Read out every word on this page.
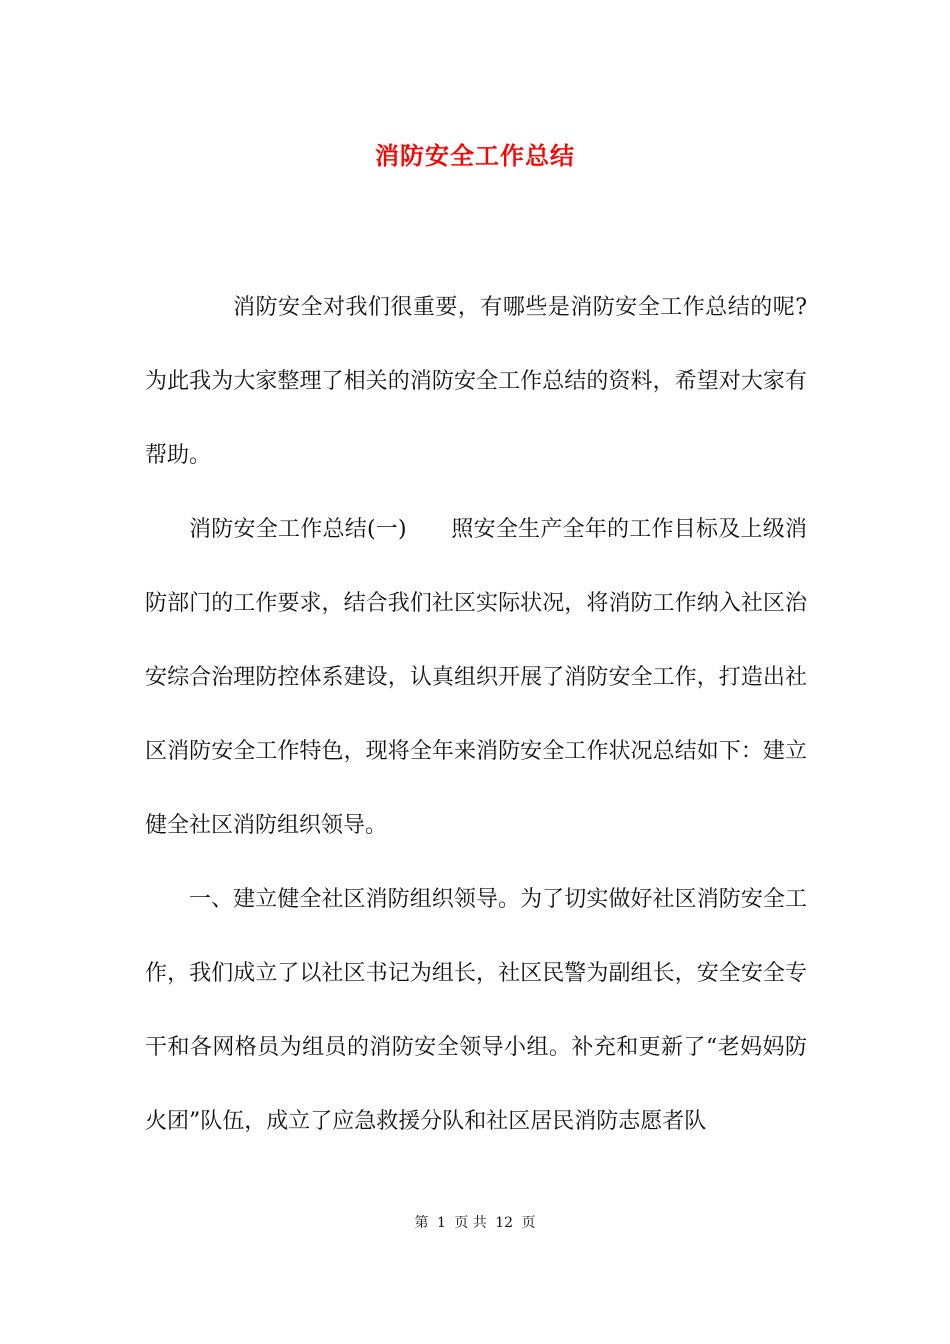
消防安全工作总结

消防安全对我们很重要，有哪些是消防安全工作总结的呢?为此我为大家整理了相关的消防安全工作总结的资料，希望对大家有帮助。

消防安全工作总结(一)　　照安全生产全年的工作目标及上级消防部门的工作要求，结合我们社区实际状况，将消防工作纳入社区治安综合治理防控体系建设，认真组织开展了消防安全工作，打造出社区消防安全工作特色，现将全年来消防安全工作状况总结如下：建立健全社区消防组织领导。

一、建立健全社区消防组织领导。为了切实做好社区消防安全工作，我们成立了以社区书记为组长，社区民警为副组长，安全安全专干和各网格员为组员的消防安全领导小组。补充和更新了“老妈妈防火团”队伍，成立了应急救援分队和社区居民消防志愿者队

第 1 页 共 12 页
